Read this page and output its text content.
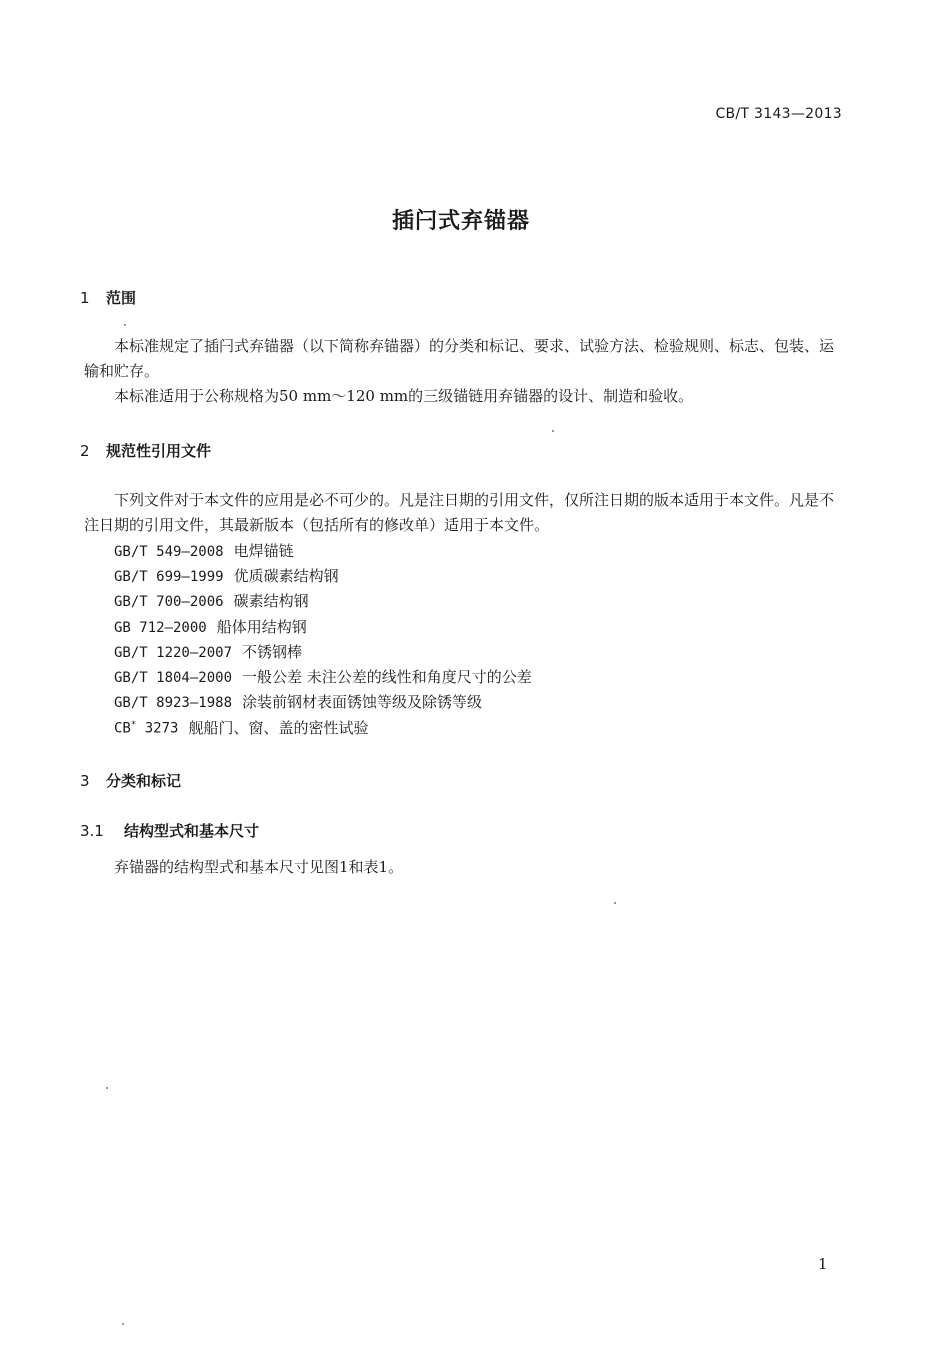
CB/T 3143—2013
插闩式弃锚器
1 范围
本标准规定了插闩式弃锚器（以下简称弃锚器）的分类和标记、要求、试验方法、检验规则、标志、包装、运输和贮存。
本标准适用于公称规格为50 mm～120 mm的三级锚链用弃锚器的设计、制造和验收。
2 规范性引用文件
下列文件对于本文件的应用是必不可少的。凡是注日期的引用文件，仅所注日期的版本适用于本文件。凡是不注日期的引用文件，其最新版本（包括所有的修改单）适用于本文件。
GB/T 549—2008 电焊锚链
GB/T 699—1999 优质碳素结构钢
GB/T 700—2006 碳素结构钢
GB 712—2000 船体用结构钢
GB/T 1220—2007 不锈钢棒
GB/T 1804—2000 一般公差 未注公差的线性和角度尺寸的公差
GB/T 8923—1988 涂装前钢材表面锈蚀等级及除锈等级
CB* 3273 舰船门、窗、盖的密性试验
3 分类和标记
3.1 结构型式和基本尺寸
弃锚器的结构型式和基本尺寸见图1和表1。
1
